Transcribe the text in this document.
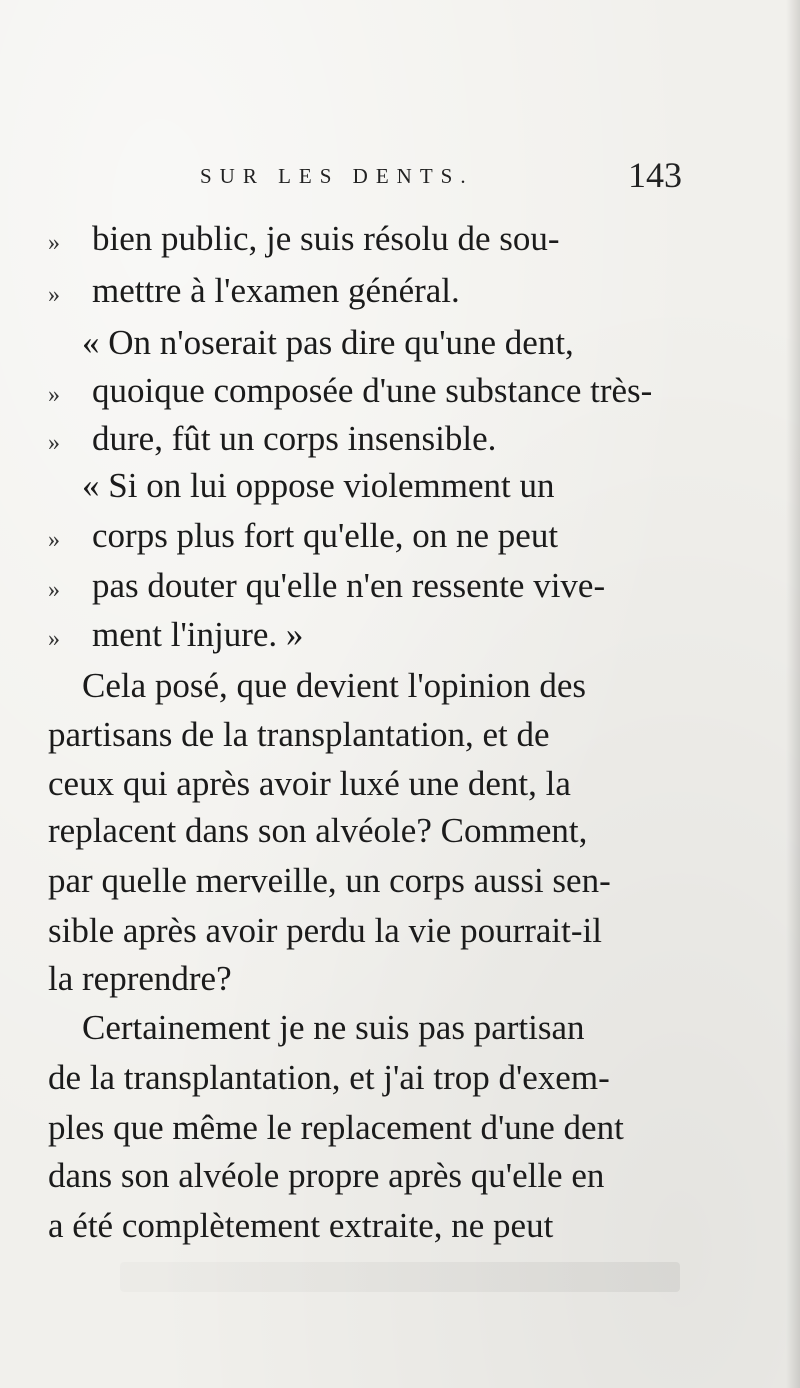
SUR LES DENTS.	143
bien public, je suis résolu de sou-
»
mettre à l'examen général.
»
« On n'oserait pas dire qu'une dent,
quoique composée d'une substance très-
»
dure, fût un corps insensible.
»
« Si on lui oppose violemment un
corps plus fort qu'elle, on ne peut
»
pas douter qu'elle n'en ressente vive-
»
ment l'injure. »
»
Cela posé, que devient l'opinion des
partisans de la transplantation, et de
ceux qui après avoir luxé une dent, la
replacent dans son alvéole? Comment,
par quelle merveille, un corps aussi sen-
sible après avoir perdu la vie pourrait-il
la reprendre?
Certainement je ne suis pas partisan
de la transplantation, et j'ai trop d'exem-
ples que même le replacement d'une dent
dans son alvéole propre après qu'elle en
a été complètement extraite, ne peut
